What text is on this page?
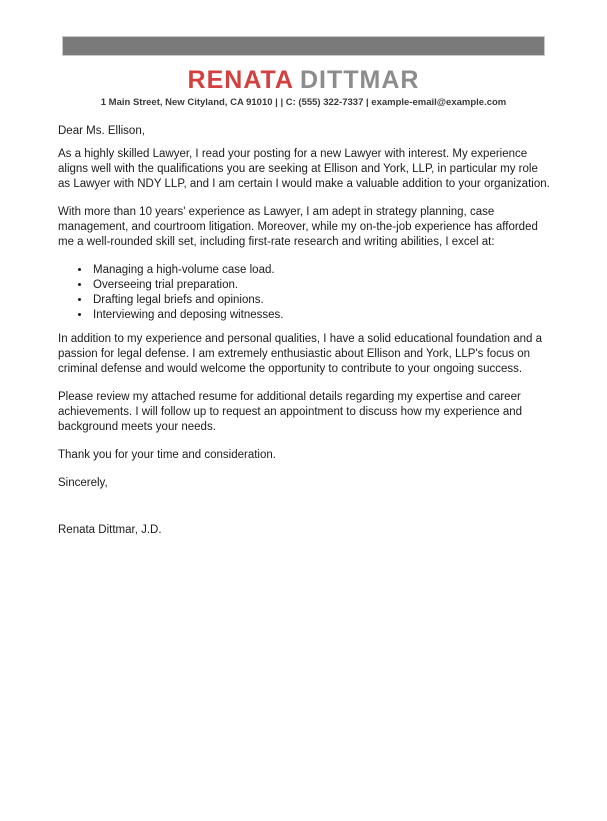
RENATA DITTMAR
1 Main Street, New Cityland, CA 91010 | | C: (555) 322-7337 | example-email@example.com

Dear Ms. Ellison,

As a highly skilled Lawyer, I read your posting for a new Lawyer with interest. My experience aligns well with the qualifications you are seeking at Ellison and York, LLP, in particular my role as Lawyer with NDY LLP, and I am certain I would make a valuable addition to your organization.

With more than 10 years' experience as Lawyer, I am adept in strategy planning, case management, and courtroom litigation. Moreover, while my on-the-job experience has afforded me a well-rounded skill set, including first-rate research and writing abilities, I excel at:

• Managing a high-volume case load.
• Overseeing trial preparation.
• Drafting legal briefs and opinions.
• Interviewing and deposing witnesses.

In addition to my experience and personal qualities, I have a solid educational foundation and a passion for legal defense. I am extremely enthusiastic about Ellison and York, LLP's focus on criminal defense and would welcome the opportunity to contribute to your ongoing success.

Please review my attached resume for additional details regarding my expertise and career achievements. I will follow up to request an appointment to discuss how my experience and background meets your needs.

Thank you for your time and consideration.

Sincerely,

Renata Dittmar, J.D.
